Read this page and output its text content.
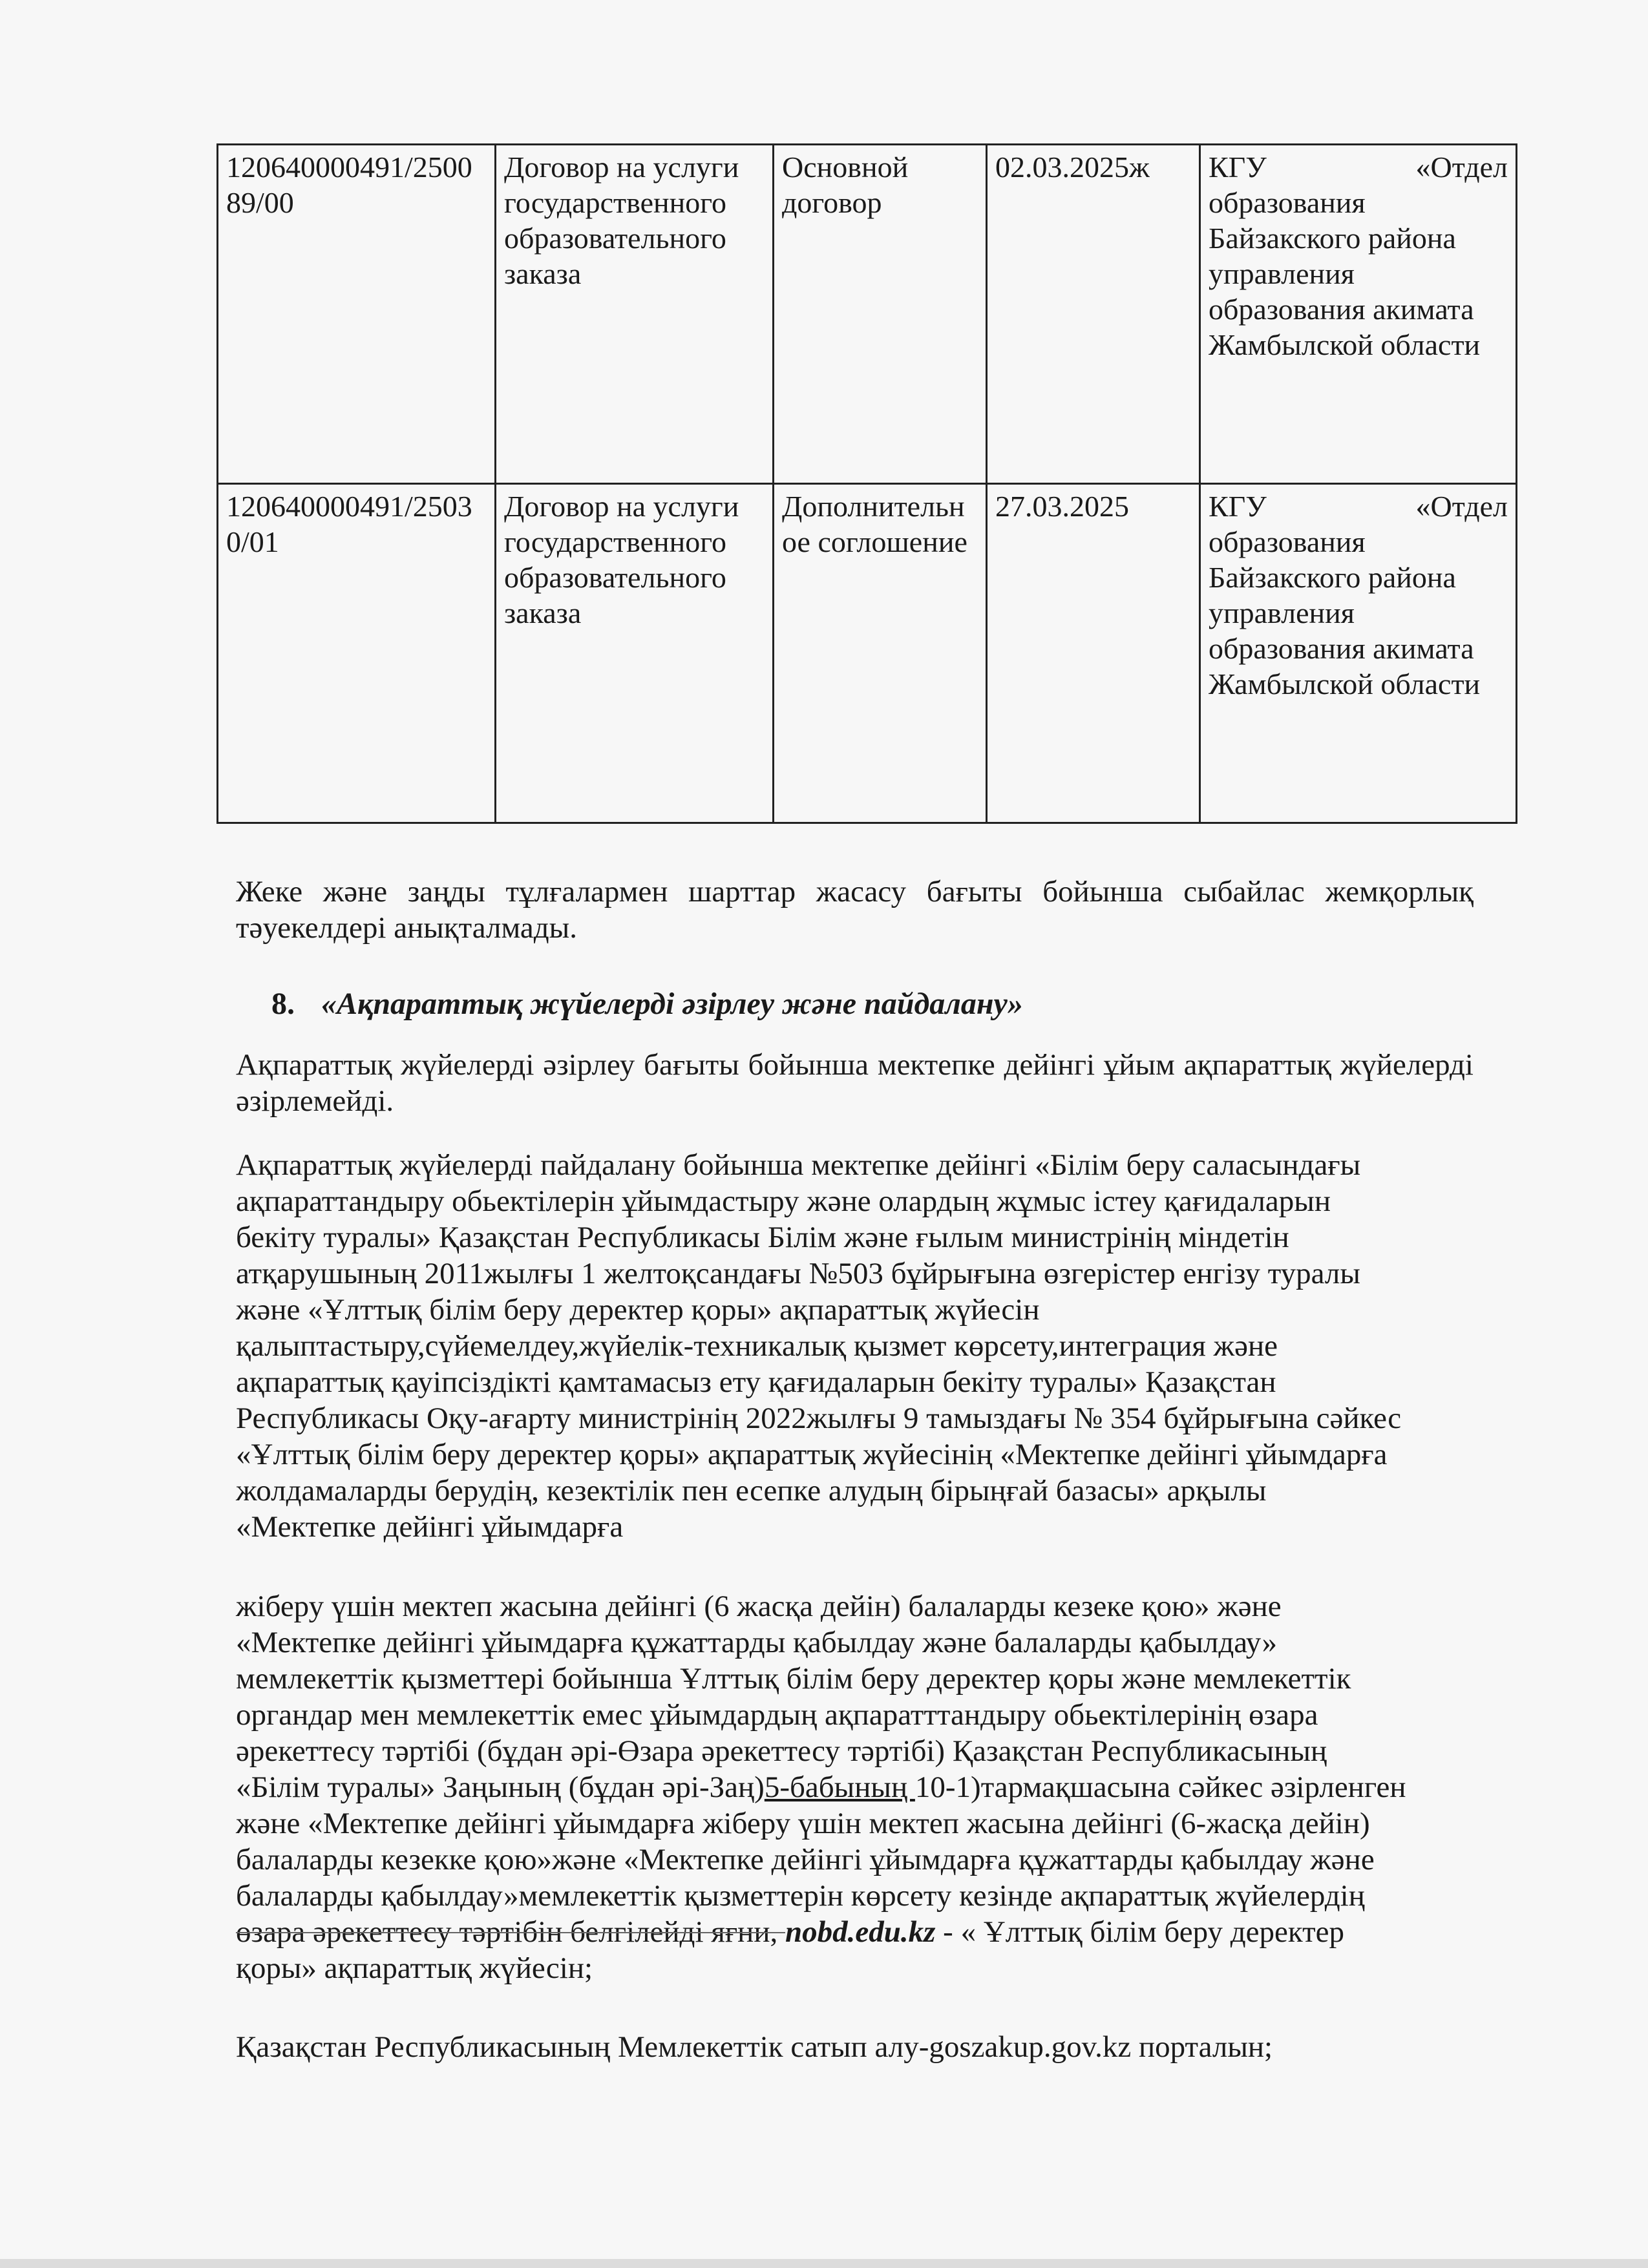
120640000491/250089/00	Договор на услуги государственного образовательного заказа	Основной договор	02.03.2025ж	КГУ «Отдел
образования Байзакского района управления образования акимата Жамбылской области

120640000491/25030/01	Договор на услуги государственного образовательного заказа	Дополнительное соглошение	27.03.2025	КГУ «Отдел
образования Байзакского района управления образования акимата Жамбылской области
Жеке және заңды тұлғалармен шарттар жасасу бағыты бойынша сыбайлас жемқорлық тәуекелдері анықталмады.
8. «Ақпараттық жүйелерді әзірлеу және пайдалану»
Ақпараттық жүйелерді әзірлеу бағыты бойынша мектепке дейінгі ұйым ақпараттық жүйелерді әзірлемейді.
Ақпараттық жүйелерді пайдалану бойынша мектепке дейінгі «Білім беру саласындағы
ақпараттандыру обьектілерін ұйымдастыру және олардың жұмыс істеу қағидаларын
бекіту туралы» Қазақстан Республикасы Білім және ғылым министрінің міндетін
атқарушының 2011жылғы 1 желтоқсандағы №503 бұйрығына өзгерістер енгізу туралы
және «Ұлттық білім беру деректер қоры» ақпараттық жүйесін
қалыптастыру,сүйемелдеу,жүйелік-техникалық қызмет көрсету,интеграция және
ақпараттық қауіпсіздікті қамтамасыз ету қағидаларын бекіту туралы» Қазақстан
Республикасы Оқу-ағарту министрінің 2022жылғы 9 тамыздағы № 354 бұйрығына сәйкес
«Ұлттық білім беру деректер қоры» ақпараттық жүйесінің «Мектепке дейінгі ұйымдарға
жолдамаларды берудің, кезектілік пен есепке алудың бірыңғай базасы» арқылы
«Мектепке дейінгі ұйымдарға
жіберу үшін мектеп жасына дейінгі (6 жасқа дейін) балаларды кезеке қою» және
«Мектепке дейінгі ұйымдарға құжаттарды қабылдау және балаларды қабылдау»
мемлекеттік қызметтері бойынша Ұлттық білім беру деректер қоры және мемлекеттік
органдар мен мемлекеттік емес ұйымдардың ақпаратттандыру обьектілерінің өзара
әрекеттесу тәртібі (бұдан әрі-Өзара әрекеттесу тәртібі) Қазақстан Республикасының
«Білім туралы» Заңының (бұдан әрі-Заң)5-бабының 10-1)тармақшасына сәйкес әзірленген
және «Мектепке дейінгі ұйымдарға жіберу үшін мектеп жасына дейінгі (6-жасқа дейін)
балаларды кезекке қою»және «Мектепке дейінгі ұйымдарға құжаттарды қабылдау және
балаларды қабылдау»мемлекеттік қызметтерін көрсету кезінде ақпараттық жүйелердің
өзара әрекеттесу тәртібін белгілейді яғни, nobd.edu.kz - « Ұлттық білім беру деректер
қоры» ақпараттық жүйесін;
Қазақстан Республикасының Мемлекеттік сатып алу-goszakup.gov.kz порталын;
